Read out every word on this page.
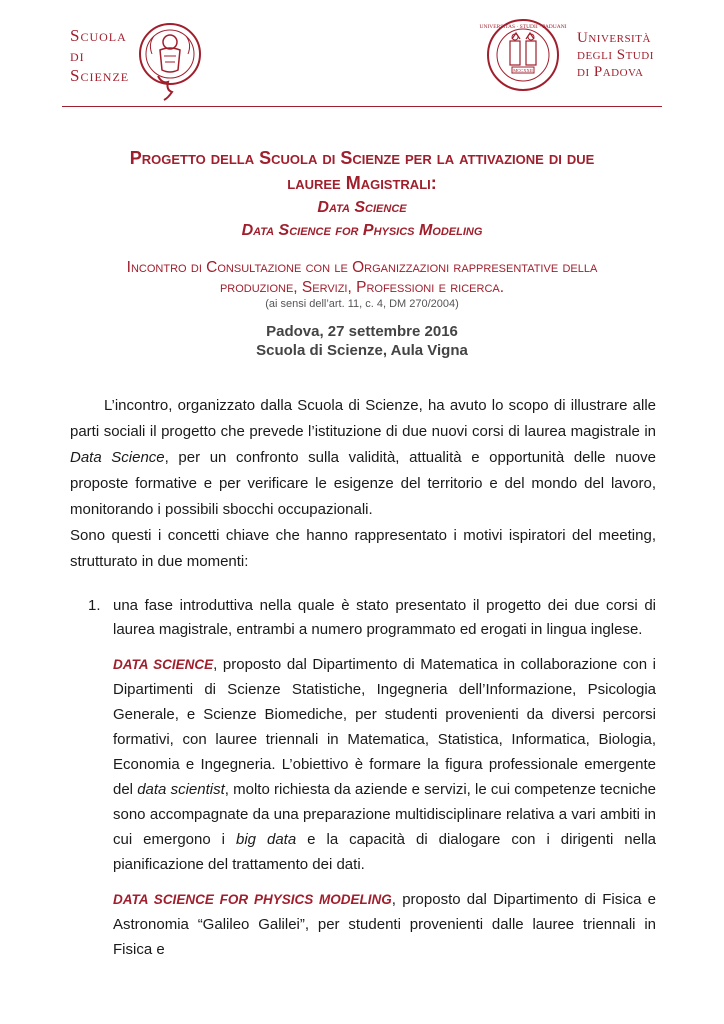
Scuola
di
Scienze
UNIVERSITAS · STUDII · PADUANI
MCCXXII
Università
degli Studi
di Padova
Progetto della Scuola di Scienze per la attivazione di due
lauree Magistrali:
Data Science
Data Science for Physics Modeling
Incontro di Consultazione con le Organizzazioni rappresentative della
produzione, Servizi, Professioni e ricerca.
(ai sensi dell’art. 11, c. 4, DM 270/2004)
Padova, 27 settembre 2016
Scuola di Scienze, Aula Vigna

L’incontro, organizzato dalla Scuola di Scienze, ha avuto lo scopo di illustrare alle parti sociali il progetto che prevede l’istituzione di due nuovi corsi di laurea magistrale in Data Science, per un confronto sulla validità, attualità e opportunità delle nuove proposte formative e per verificare le esigenze del territorio e del mondo del lavoro, monitorando i possibili sbocchi occupazionali.

Sono questi i concetti chiave che hanno rappresentato i motivi ispiratori del meeting, strutturato in due momenti:

1. una fase introduttiva nella quale è stato presentato il progetto dei due corsi di laurea magistrale, entrambi a numero programmato ed erogati in lingua inglese.

DATA SCIENCE, proposto dal Dipartimento di Matematica in collaborazione con i Dipartimenti di Scienze Statistiche, Ingegneria dell’Informazione, Psicologia Generale, e Scienze Biomediche, per studenti provenienti da diversi percorsi formativi, con lauree triennali in Matematica, Statistica, Informatica, Biologia, Economia e Ingegneria. L’obiettivo è formare la figura professionale emergente del data scientist, molto richiesta da aziende e servizi, le cui competenze tecniche sono accompagnate da una preparazione multidisciplinare relativa a vari ambiti in cui emergono i big data e la capacità di dialogare con i dirigenti nella pianificazione del trattamento dei dati.

DATA SCIENCE FOR PHYSICS MODELING, proposto dal Dipartimento di Fisica e Astronomia “Galileo Galilei”, per studenti provenienti dalle lauree triennali in Fisica e
